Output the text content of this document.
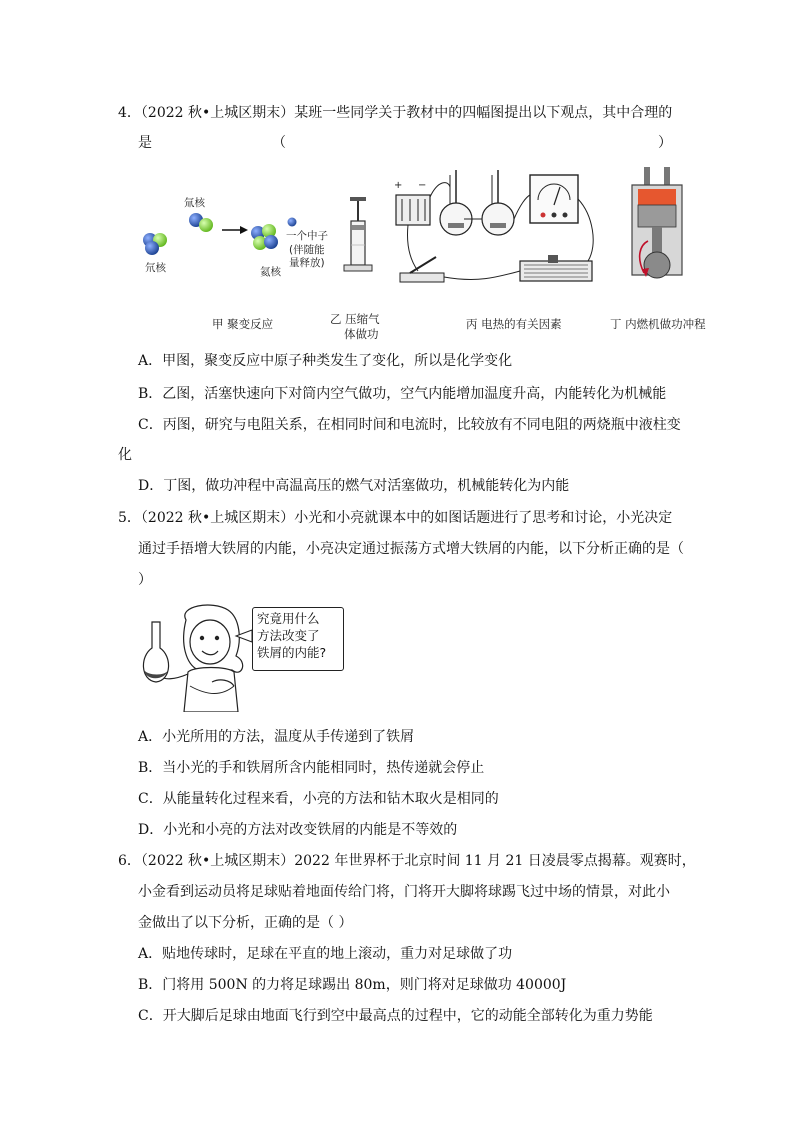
4．（2022 秋•上城区期末）某班一些同学关于教材中的四幅图提出以下观点，其中合理的
是	（	）
氚核
氘核	氦核
一个中子
(伴随能
量释放)
+ −
甲 聚变反应	乙 压缩气
体做功
丙 电热的有关因素	丁 内燃机做功冲程
A．甲图，聚变反应中原子种类发生了变化，所以是化学变化
B．乙图，活塞快速向下对筒内空气做功，空气内能增加温度升高，内能转化为机械能
C．丙图，研究与电阻关系，在相同时间和电流时，比较放有不同电阻的两烧瓶中液柱变
化
D．丁图，做功冲程中高温高压的燃气对活塞做功，机械能转化为内能
5．（2022 秋•上城区期末）小光和小亮就课本中的如图话题进行了思考和讨论，小光决定
通过手捂增大铁屑的内能，小亮决定通过振荡方式增大铁屑的内能，以下分析正确的是（
）
究竟用什么
方法改变了
铁屑的内能?
A．小光所用的方法，温度从手传递到了铁屑
B．当小光的手和铁屑所含内能相同时，热传递就会停止
C．从能量转化过程来看，小亮的方法和钻木取火是相同的
D．小光和小亮的方法对改变铁屑的内能是不等效的
6．（2022 秋•上城区期末）2022 年世界杯于北京时间 11 月 21 日凌晨零点揭幕。观赛时，
小金看到运动员将足球贴着地面传给门将，门将开大脚将球踢飞过中场的情景，对此小
金做出了以下分析，正确的是（ ）
A．贴地传球时，足球在平直的地上滚动，重力对足球做了功
B．门将用 500N 的力将足球踢出 80m，则门将对足球做功 40000J
C．开大脚后足球由地面飞行到空中最高点的过程中，它的动能全部转化为重力势能
